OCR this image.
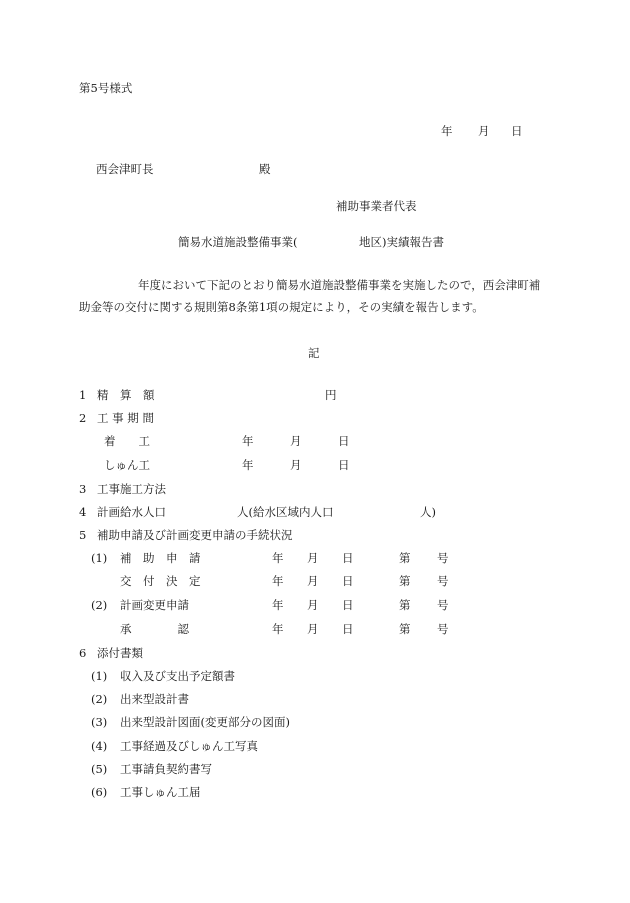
第5号様式
年 月 日
西会津町長	殿
補助事業者代表
簡易水道施設整備事業(	地区)実績報告書
年度において下記のとおり簡易水道施設整備事業を実施したので，西会津町補
助金等の交付に関する規則第8条第1項の規定により，その実績を報告します。
記
1 精　算　額	円
2 工 事 期 間
着　　工	年	月	日
しゅん工	年	月	日
3 工事施工方法
4 計画給水人口	人(給水区域内人口	人)
5 補助申請及び計画変更申請の手続状況
(1) 補　助　申　請	年 月 日	第 号
交　付　決　定	年 月 日	第 号
(2) 計画変更申請	年 月 日	第 号
承　　　　認	年 月 日	第 号
6 添付書類
(1) 収入及び支出予定額書
(2) 出来型設計書
(3) 出来型設計図面(変更部分の図面)
(4) 工事経過及びしゅん工写真
(5) 工事請負契約書写
(6) 工事しゅん工届
